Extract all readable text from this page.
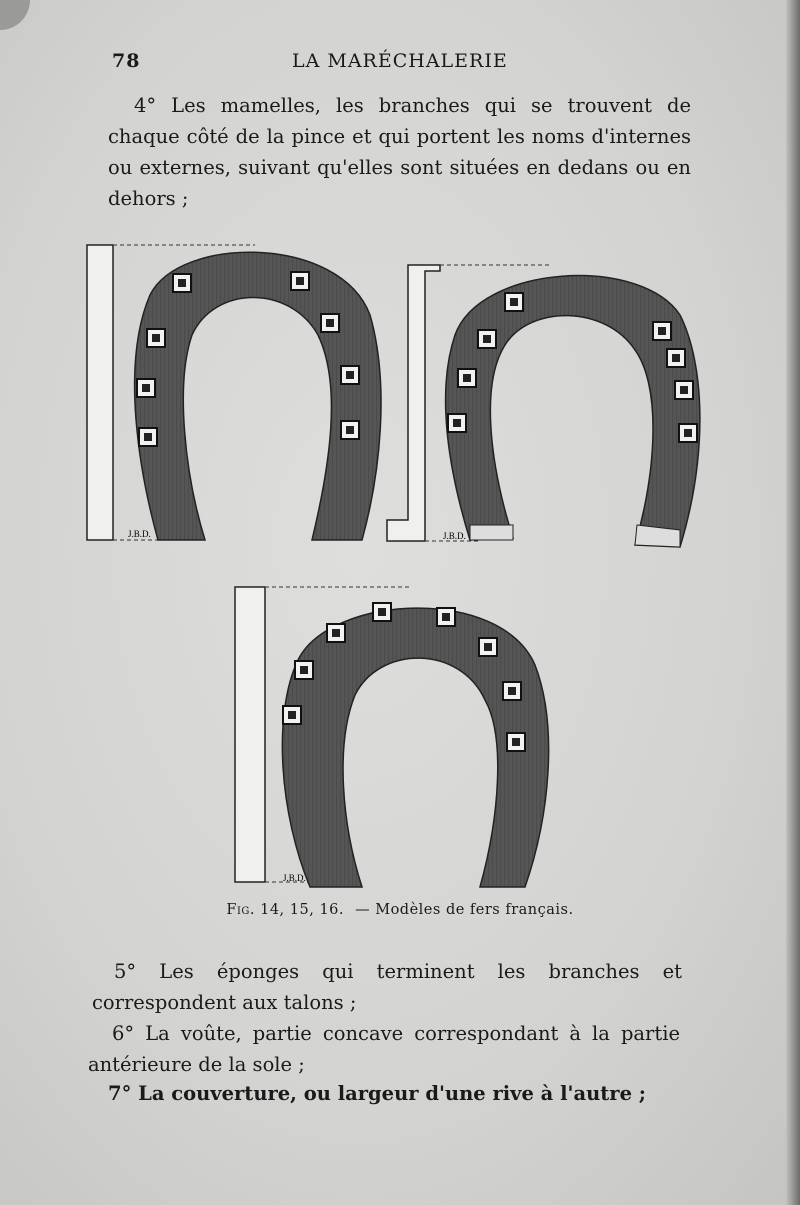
78	LA MARÉCHALERIE

4° Les mamelles, les branches qui se trouvent de chaque côté de la pince et qui portent les noms d'internes ou externes, suivant qu'elles sont situées en dedans ou en dehors ;

J.B.D.	J.B.D.
J.B.D.
Fig. 14, 15, 16. — Modèles de fers français.

5° Les éponges qui terminent les branches et correspondent aux talons ;

6° La voûte, partie concave correspondant à la partie antérieure de la sole ;

7° La couverture, ou largeur d'une rive à l'autre ;
